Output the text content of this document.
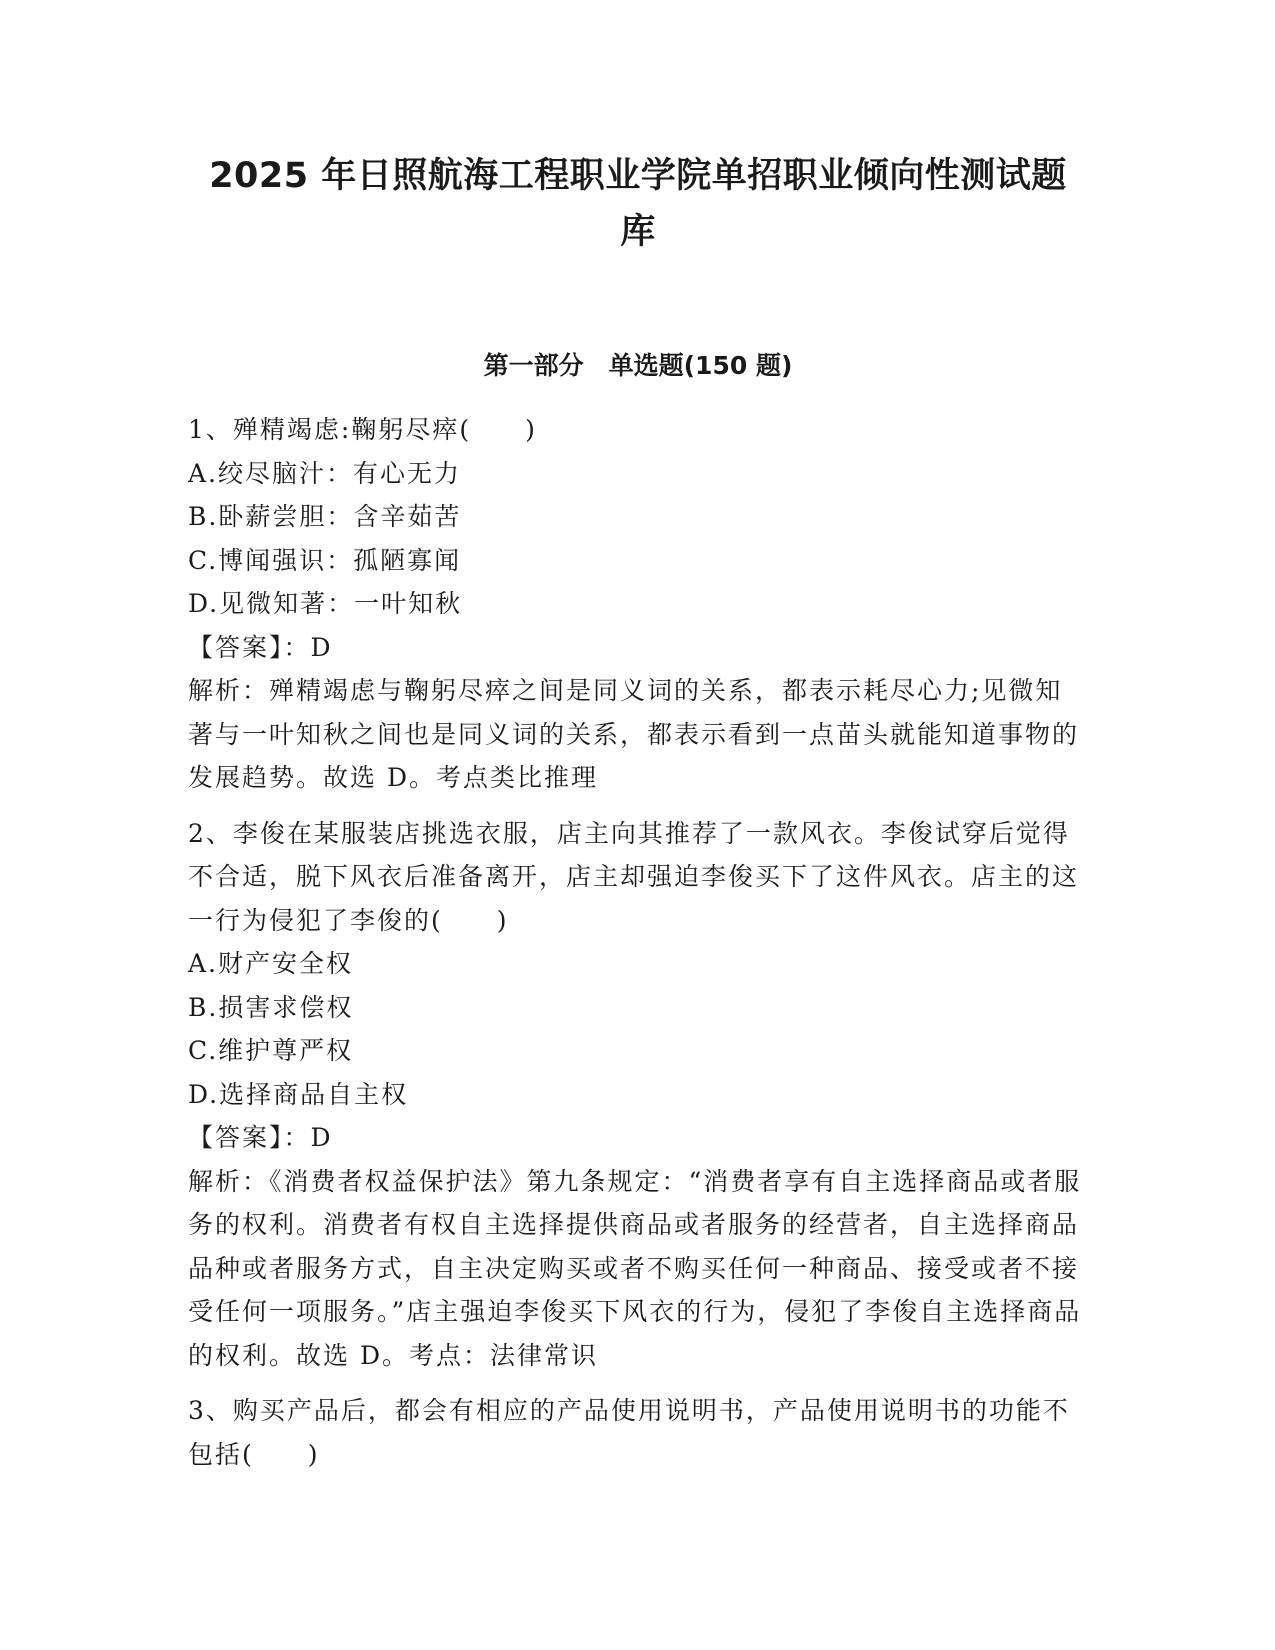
2025 年日照航海工程职业学院单招职业倾向性测试题
库
第一部分　单选题(150 题)
1、殚精竭虑:鞠躬尽瘁(　　)
A.绞尽脑汁：有心无力
B.卧薪尝胆：含辛茹苦
C.博闻强识：孤陋寡闻
D.见微知著：一叶知秋
【答案】：D
解析：殚精竭虑与鞠躬尽瘁之间是同义词的关系，都表示耗尽心力;见微知著与一叶知秋之间也是同义词的关系，都表示看到一点苗头就能知道事物的发展趋势。故选 D。考点类比推理
2、李俊在某服装店挑选衣服，店主向其推荐了一款风衣。李俊试穿后觉得不合适，脱下风衣后准备离开，店主却强迫李俊买下了这件风衣。店主的这一行为侵犯了李俊的(　　)
A.财产安全权
B.损害求偿权
C.维护尊严权
D.选择商品自主权
【答案】：D
解析：《消费者权益保护法》第九条规定：“消费者享有自主选择商品或者服务的权利。消费者有权自主选择提供商品或者服务的经营者，自主选择商品品种或者服务方式，自主决定购买或者不购买任何一种商品、接受或者不接受任何一项服务。”店主强迫李俊买下风衣的行为，侵犯了李俊自主选择商品的权利。故选 D。考点：法律常识
3、购买产品后，都会有相应的产品使用说明书，产品使用说明书的功能不包括(　　)
